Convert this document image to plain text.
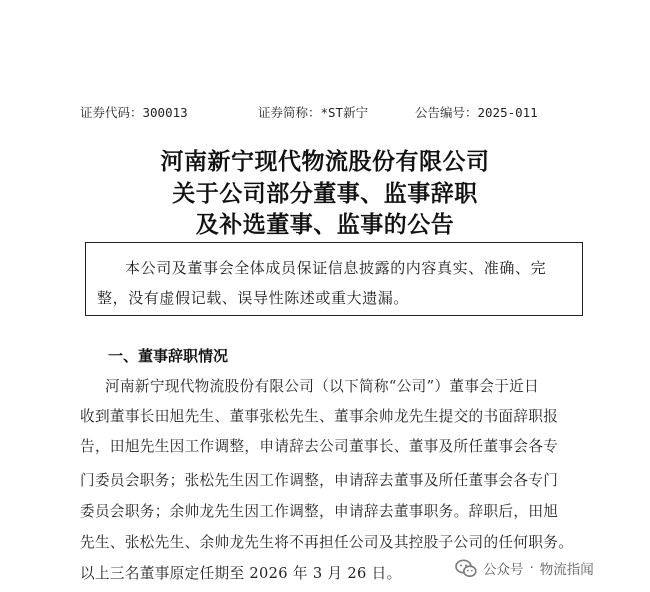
证券代码：300013	证券简称：*ST新宁	公告编号：2025-011
河南新宁现代物流股份有限公司
关于公司部分董事、监事辞职
及补选董事、监事的公告
本公司及董事会全体成员保证信息披露的内容真实、准确、完
整，没有虚假记载、误导性陈述或重大遗漏。
一、董事辞职情况
河南新宁现代物流股份有限公司（以下简称“公司”）董事会于近日
收到董事长田旭先生、董事张松先生、董事余帅龙先生提交的书面辞职报
告，田旭先生因工作调整，申请辞去公司董事长、董事及所任董事会各专
门委员会职务；张松先生因工作调整，申请辞去董事及所任董事会各专门
委员会职务；余帅龙先生因工作调整，申请辞去董事职务。辞职后，田旭
先生、张松先生、余帅龙先生将不再担任公司及其控股子公司的任何职务。
以上三名董事原定任期至 2026 年 3 月 26 日。	公众号 · 物流指闻
